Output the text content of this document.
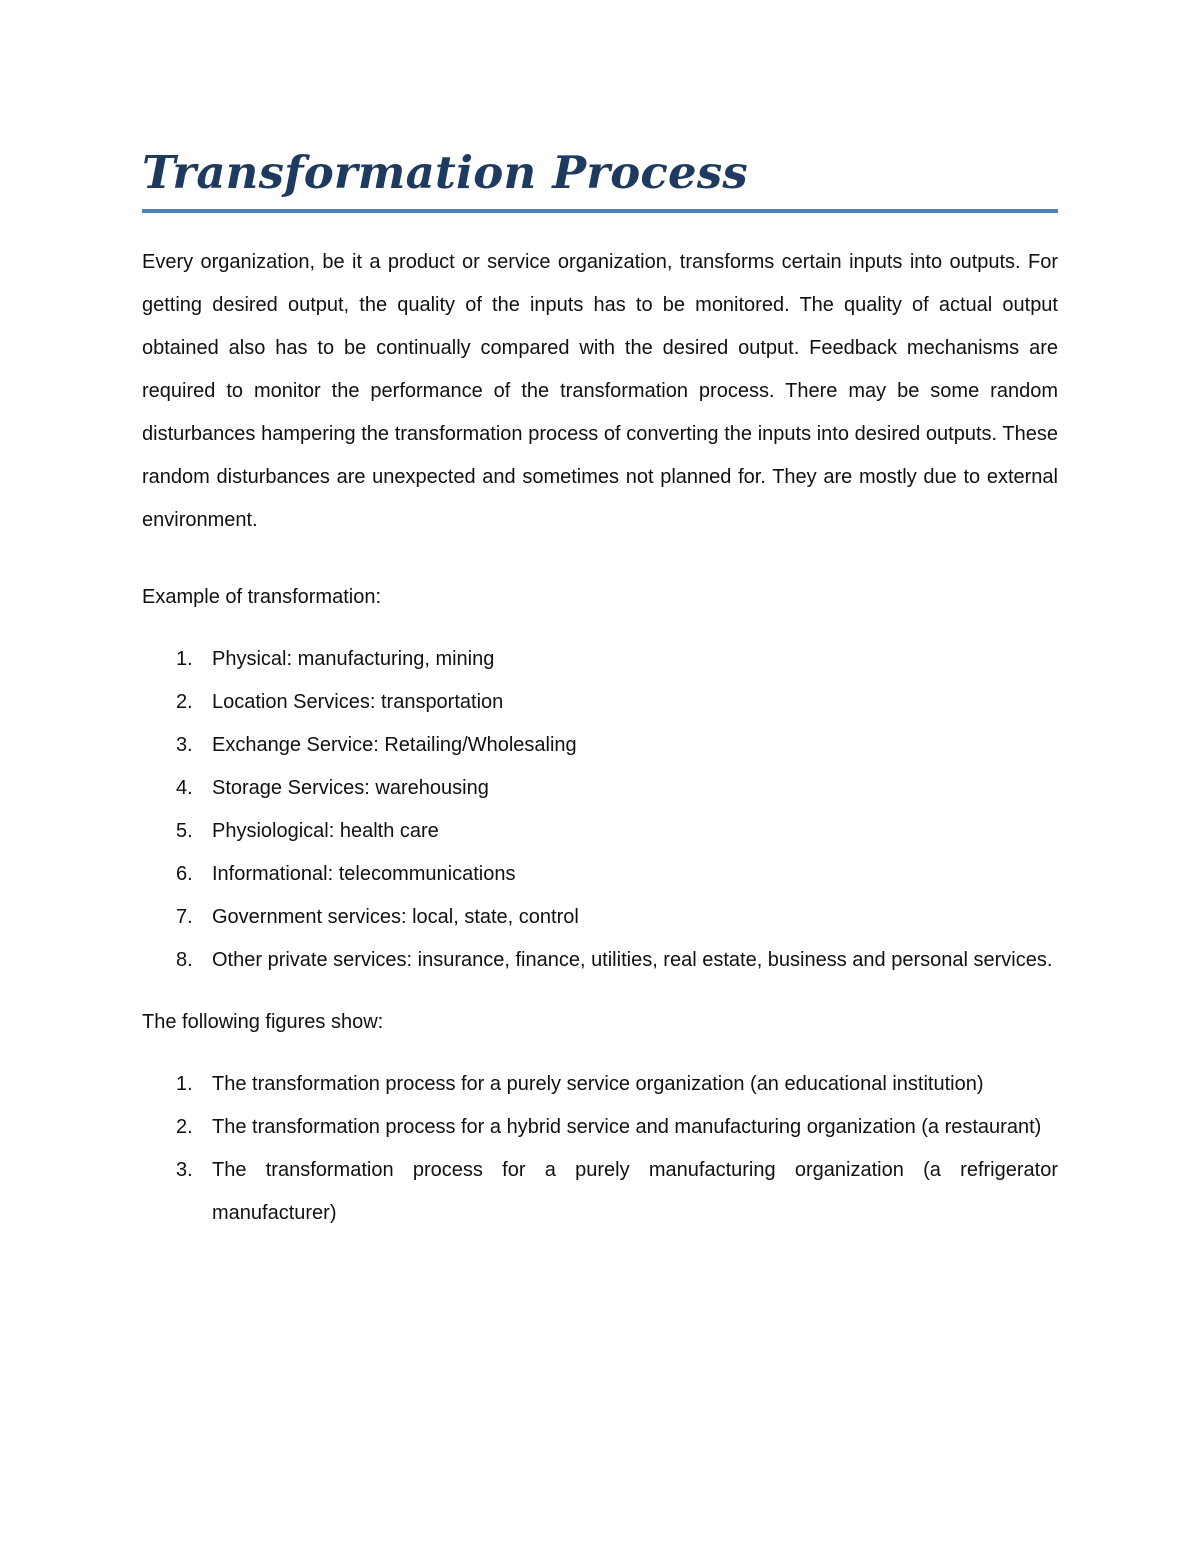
Transformation Process

Every organization, be it a product or service organization, transforms certain inputs into outputs. For getting desired output, the quality of the inputs has to be monitored. The quality of actual output obtained also has to be continually compared with the desired output. Feedback mechanisms are required to monitor the performance of the transformation process. There may be some random disturbances hampering the transformation process of converting the inputs into desired outputs. These random disturbances are unexpected and sometimes not planned for. They are mostly due to external environment.

Example of transformation:

1. Physical: manufacturing, mining
2. Location Services: transportation
3. Exchange Service: Retailing/Wholesaling
4. Storage Services: warehousing
5. Physiological: health care
6. Informational: telecommunications
7. Government services: local, state, control
8. Other private services: insurance, finance, utilities, real estate, business and personal services.

The following figures show:

1. The transformation process for a purely service organization (an educational institution)
2. The transformation process for a hybrid service and manufacturing organization (a restaurant)
3. The transformation process for a purely manufacturing organization (a refrigerator manufacturer)
